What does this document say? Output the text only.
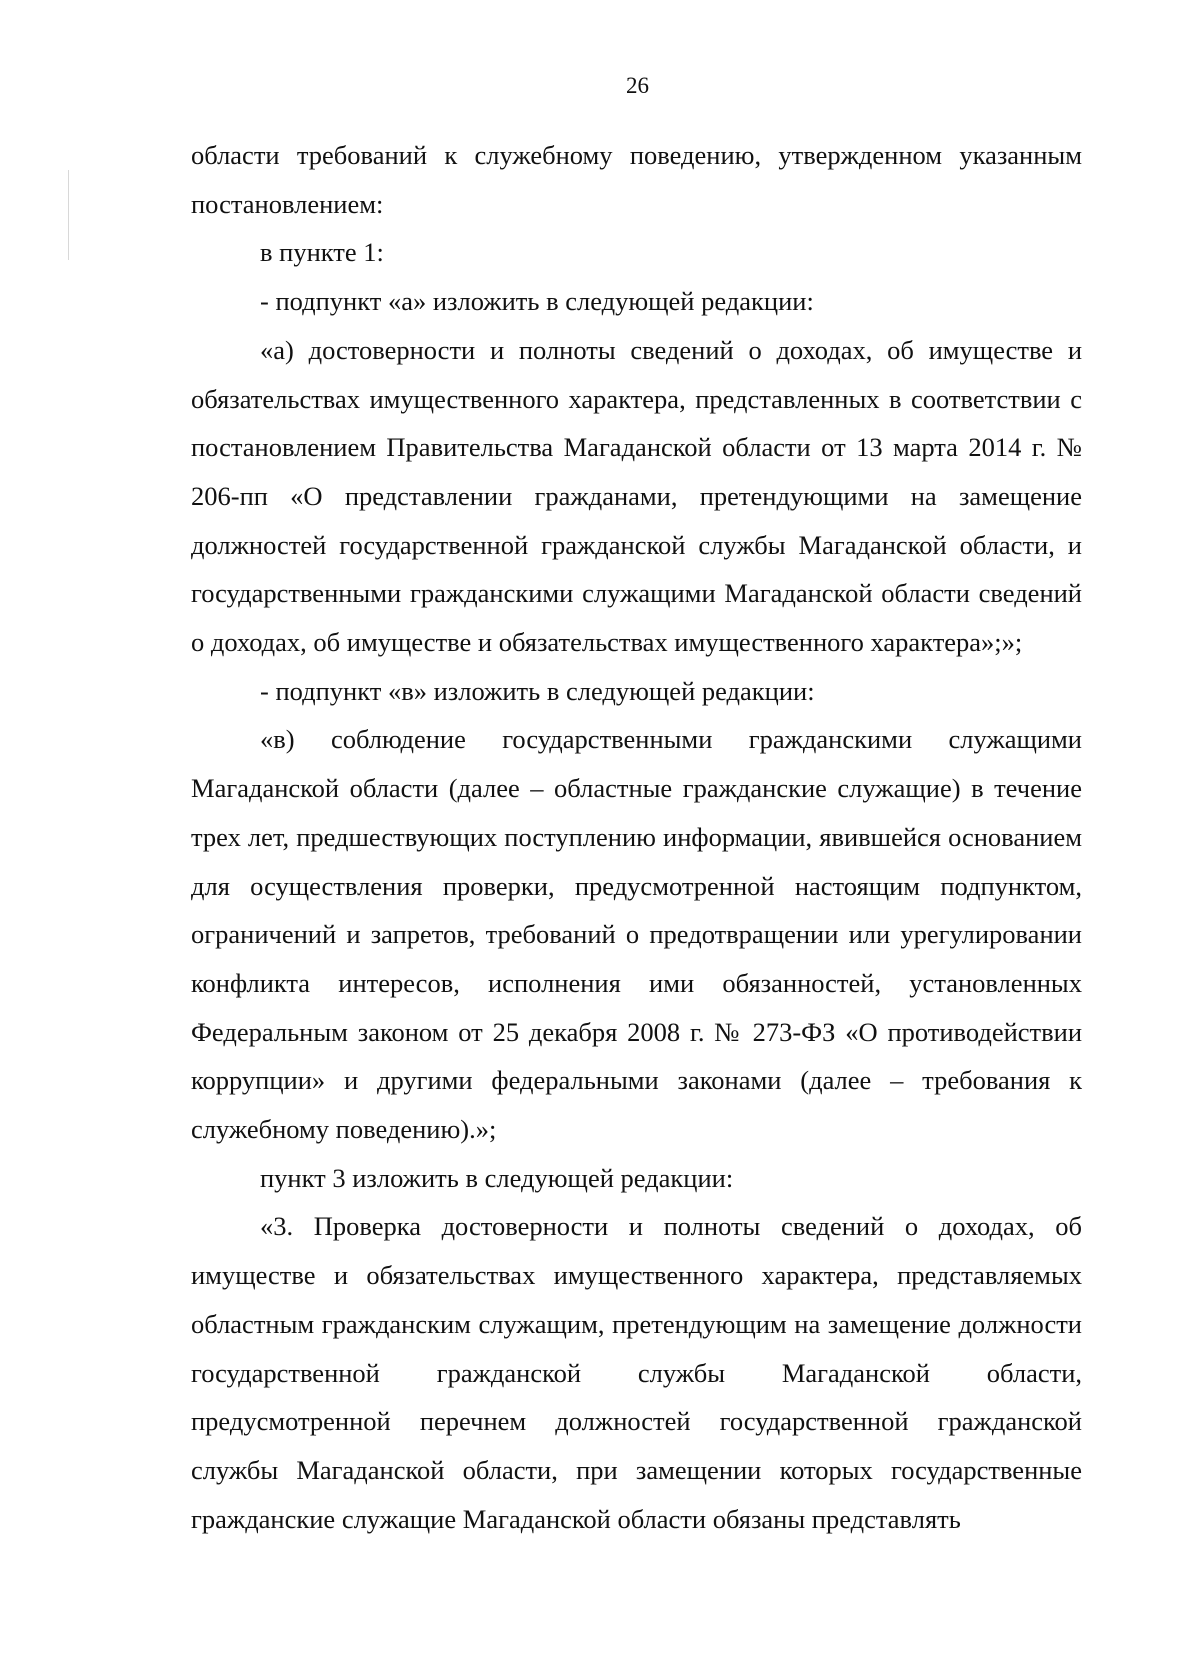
26

области требований к служебному поведению, утвержденном указанным постановлением:

в пункте 1:

- подпункт «а» изложить в следующей редакции:

«а) достоверности и полноты сведений о доходах, об имуществе и обязательствах имущественного характера, представленных в соответствии с постановлением Правительства Магаданской области от 13 марта 2014 г. № 206-пп «О представлении гражданами, претендующими на замещение должностей государственной гражданской службы Магаданской области, и государственными гражданскими служащими Магаданской области сведений о доходах, об имуществе и обязательствах имущественного характера»;»;

- подпункт «в» изложить в следующей редакции:

«в) соблюдение государственными гражданскими служащими Магаданской области (далее – областные гражданские служащие) в течение трех лет, предшествующих поступлению информации, явившейся основанием для осуществления проверки, предусмотренной настоящим подпунктом, ограничений и запретов, требований о предотвращении или урегулировании конфликта интересов, исполнения ими обязанностей, установленных Федеральным законом от 25 декабря 2008 г. № 273-ФЗ «О противодействии коррупции» и другими федеральными законами (далее – требования к служебному поведению).»;

пункт 3 изложить в следующей редакции:

«3. Проверка достоверности и полноты сведений о доходах, об имуществе и обязательствах имущественного характера, представляемых областным гражданским служащим, претендующим на замещение должности государственной гражданской службы Магаданской области, предусмотренной перечнем должностей государственной гражданской службы Магаданской области, при замещении которых государственные гражданские служащие Магаданской области обязаны представлять
